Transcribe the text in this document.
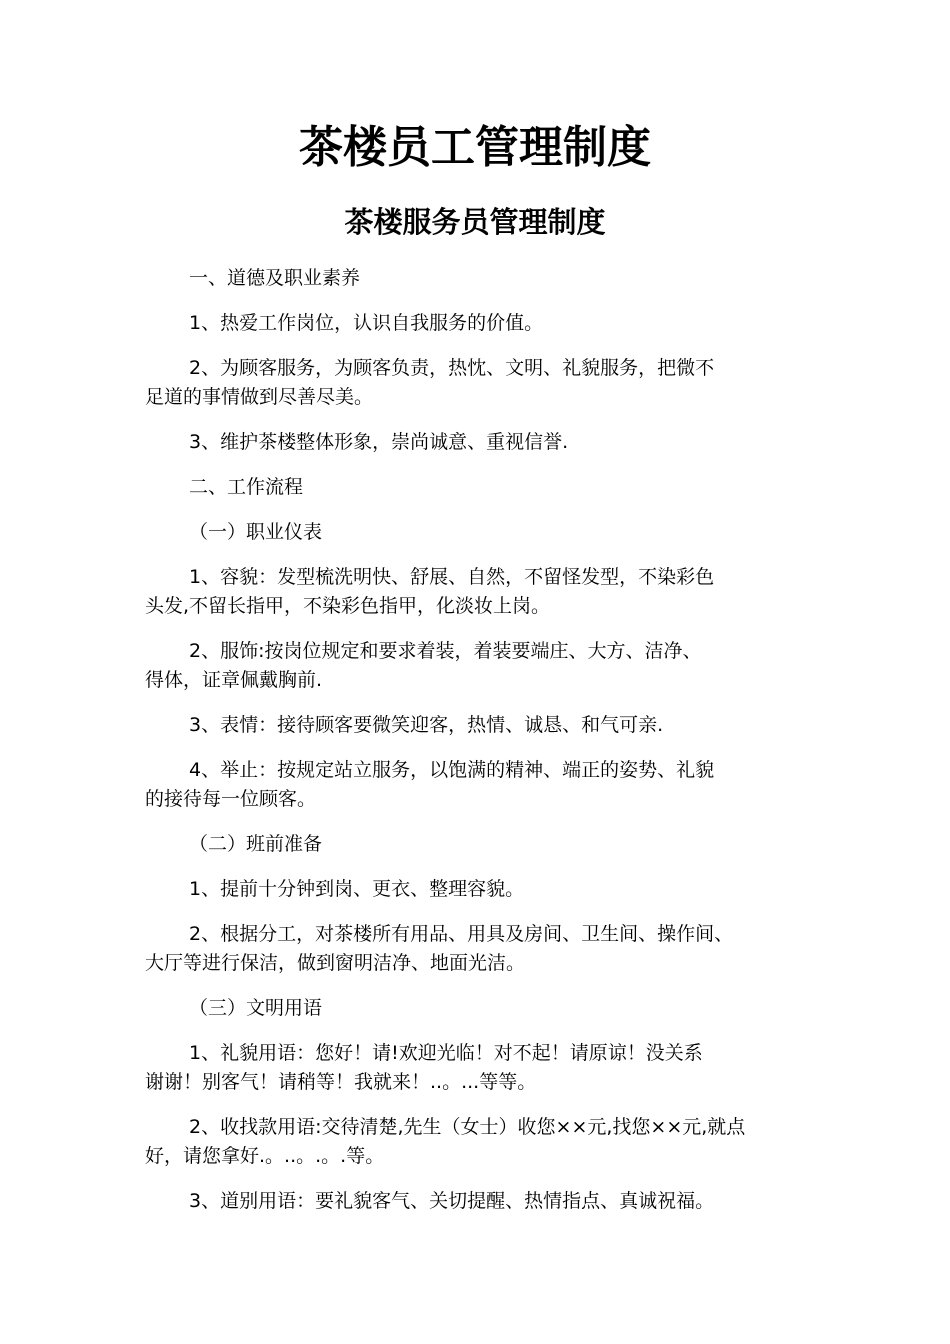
茶楼员工管理制度
茶楼服务员管理制度

一、道德及职业素养

1、热爱工作岗位，认识自我服务的价值。

2、为顾客服务，为顾客负责，热忱、文明、礼貌服务，把微不
足道的事情做到尽善尽美。

3、维护茶楼整体形象，崇尚诚意、重视信誉.

二、工作流程

（一）职业仪表

1、容貌：发型梳洗明快、舒展、自然，不留怪发型，不染彩色
头发,不留长指甲，不染彩色指甲，化淡妆上岗。

2、服饰:按岗位规定和要求着装，着装要端庄、大方、洁净、
得体，证章佩戴胸前.

3、表情：接待顾客要微笑迎客，热情、诚恳、和气可亲.

4、举止：按规定站立服务，以饱满的精神、端正的姿势、礼貌
的接待每一位顾客。

（二）班前准备

1、提前十分钟到岗、更衣、整理容貌。

2、根据分工，对茶楼所有用品、用具及房间、卫生间、操作间、
大厅等进行保洁，做到窗明洁净、地面光洁。

（三）文明用语

1、礼貌用语：您好！请!欢迎光临！对不起！请原谅！没关系
谢谢！别客气！请稍等！我就来！..。...等等。

2、收找款用语:交待清楚,先生（女士）收您××元,找您××元,就点
好，请您拿好.。..。.。.等。

3、道别用语：要礼貌客气、关切提醒、热情指点、真诚祝福。
